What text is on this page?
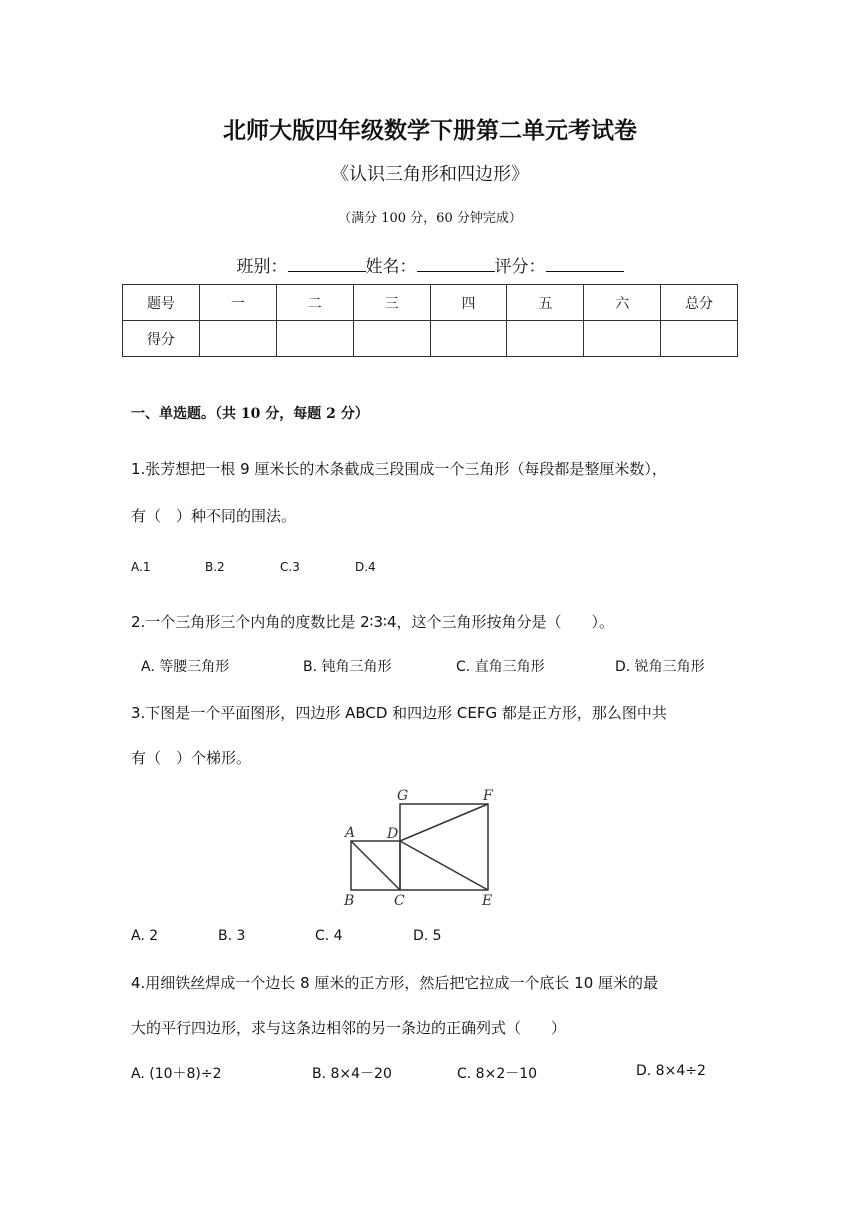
北师大版四年级数学下册第二单元考试卷
《认识三角形和四边形》
（满分 100 分，60 分钟完成）
班别：	姓名：	评分：
题号	一	二	三	四	五	六	总分
得分							
一、单选题。（共 10 分，每题 2 分）
1.张芳想把一根 9 厘米长的木条截成三段围成一个三角形（每段都是整厘米数），
有（　）种不同的围法。
A.1	B.2	C.3	D.4
2.一个三角形三个内角的度数比是 2∶3∶4，这个三角形按角分是（　　）。
A. 等腰三角形	B. 钝角三角形	C. 直角三角形	D. 锐角三角形
3.下图是一个平面图形，四边形 ABCD 和四边形 CEFG 都是正方形，那么图中共
有（　）个梯形。
G	F
A D
B	C	E
A. 2	B. 3	C. 4	D. 5
4.用细铁丝焊成一个边长 8 厘米的正方形，然后把它拉成一个底长 10 厘米的最
大的平行四边形，求与这条边相邻的另一条边的正确列式（　　）
A. (10＋8)÷2	B. 8×4－20	C. 8×2－10	D. 8×4÷2
